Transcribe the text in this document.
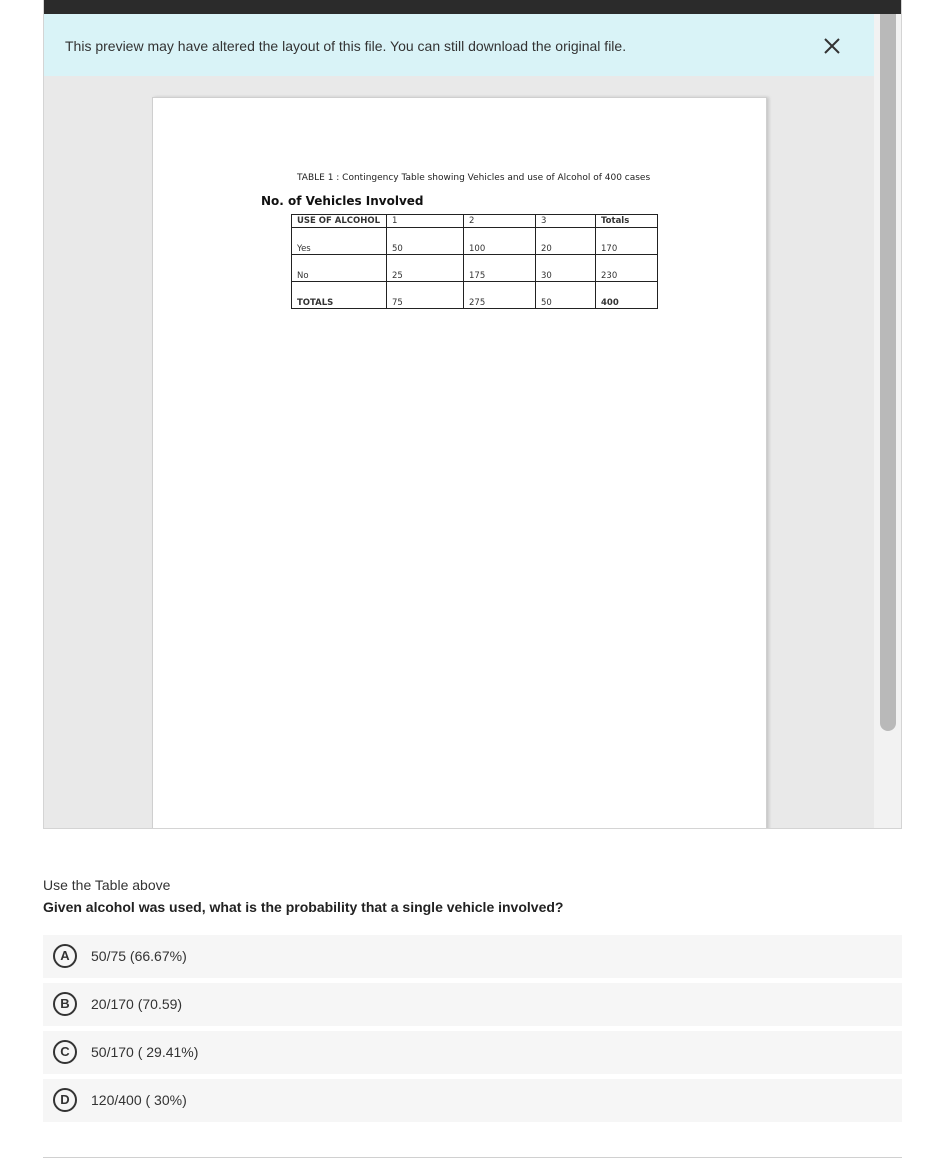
This preview may have altered the layout of this file. You can still download the original file.
TABLE 1 : Contingency Table showing Vehicles and use of Alcohol of 400 cases
No. of Vehicles Involved
USE OF ALCOHOL	1	2	3	Totals
Yes	50	100	20	170
No	25	175	30	230
TOTALS	75	275	50	400
Use the Table above
Given alcohol was used, what is the probability that a single vehicle involved?
A	50/75 (66.67%)
B	20/170 (70.59)
C	50/170 ( 29.41%)
D	120/400 ( 30%)
